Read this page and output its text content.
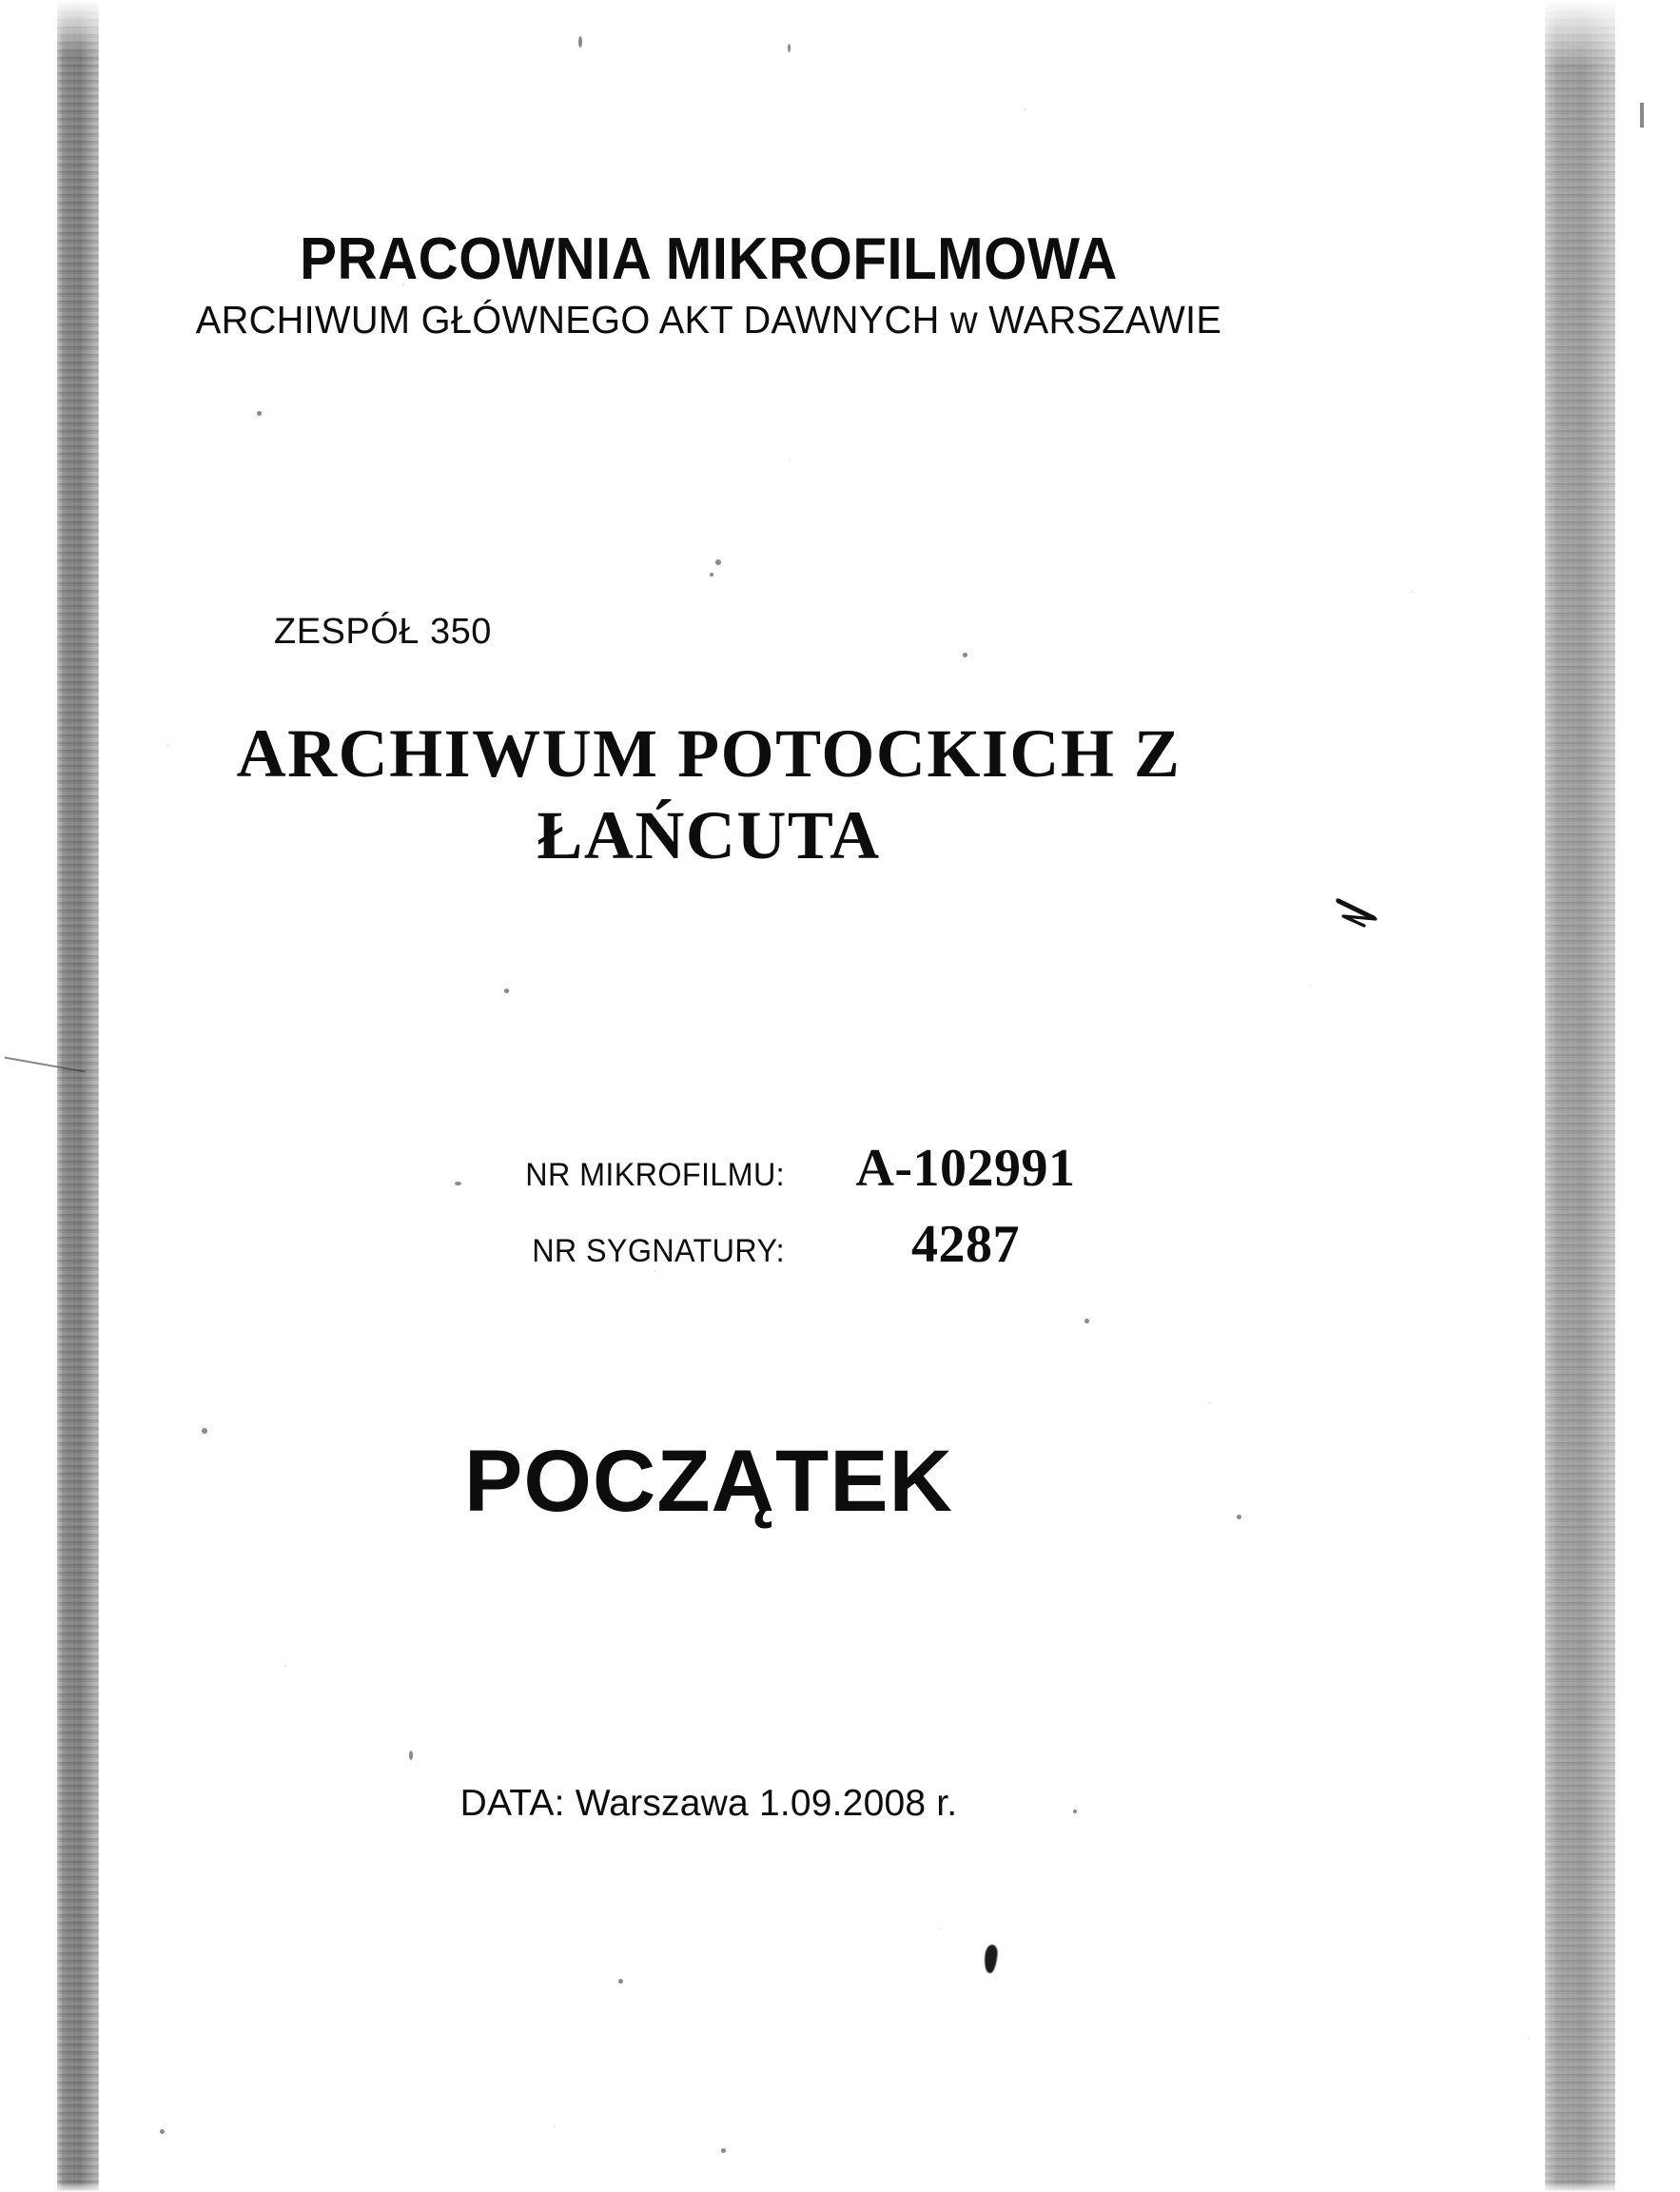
PRACOWNIA MIKROFILMOWA
ARCHIWUM GŁÓWNEGO AKT DAWNYCH w WARSZAWIE
ZESPÓŁ 350
ARCHIWUM POTOCKICH Z
ŁAŃCUTA
NR MIKROFILMU:	A-102991
NR SYGNATURY:	4287
POCZĄTEK
DATA: Warszawa 1.09.2008 r.
